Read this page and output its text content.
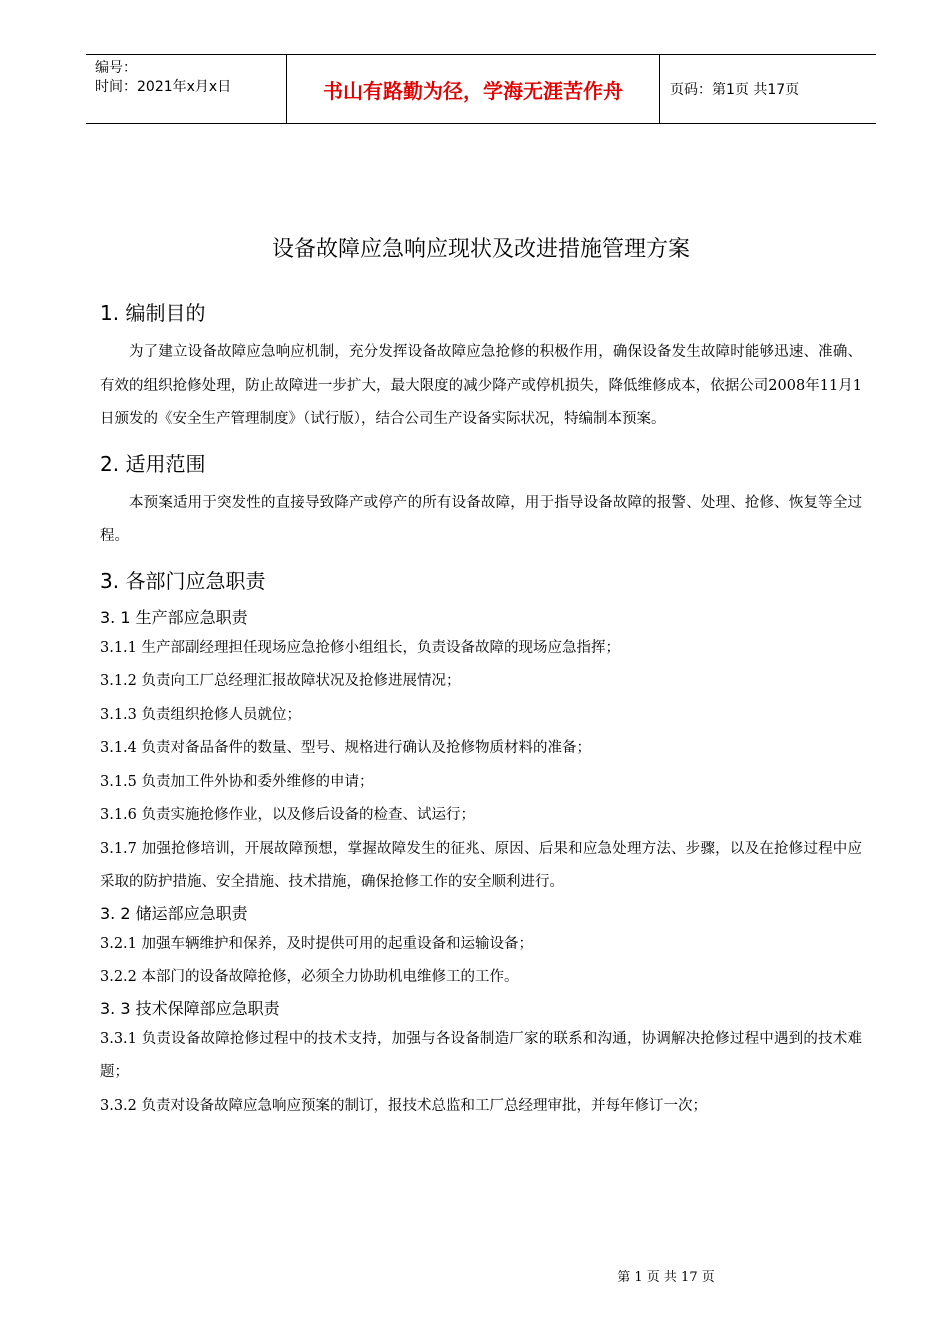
编号：
时间：2021年x月x日	书山有路勤为径，学海无涯苦作舟	页码：第1页 共17页
设备故障应急响应现状及改进措施管理方案

1. 编制目的

为了建立设备故障应急响应机制，充分发挥设备故障应急抢修的积极作用，确保设备发生故障时能够迅速、准确、有效的组织抢修处理，防止故障进一步扩大，最大限度的减少降产或停机损失，降低维修成本，依据公司2008年11月1日颁发的《安全生产管理制度》（试行版），结合公司生产设备实际状况，特编制本预案。

2. 适用范围

本预案适用于突发性的直接导致降产或停产的所有设备故障，用于指导设备故障的报警、处理、抢修、恢复等全过程。

3. 各部门应急职责

3. 1 生产部应急职责

3.1.1 生产部副经理担任现场应急抢修小组组长，负责设备故障的现场应急指挥；

3.1.2 负责向工厂总经理汇报故障状况及抢修进展情况；

3.1.3 负责组织抢修人员就位；

3.1.4 负责对备品备件的数量、型号、规格进行确认及抢修物质材料的准备；

3.1.5 负责加工件外协和委外维修的申请；

3.1.6 负责实施抢修作业，以及修后设备的检查、试运行；

3.1.7 加强抢修培训，开展故障预想，掌握故障发生的征兆、原因、后果和应急处理方法、步骤，以及在抢修过程中应采取的防护措施、安全措施、技术措施，确保抢修工作的安全顺利进行。

3. 2 储运部应急职责

3.2.1 加强车辆维护和保养，及时提供可用的起重设备和运输设备；

3.2.2 本部门的设备故障抢修，必须全力协助机电维修工的工作。

3. 3 技术保障部应急职责

3.3.1 负责设备故障抢修过程中的技术支持，加强与各设备制造厂家的联系和沟通，协调解决抢修过程中遇到的技术难题；

3.3.2 负责对设备故障应急响应预案的制订，报技术总监和工厂总经理审批，并每年修订一次；

第 1 页 共 17 页
